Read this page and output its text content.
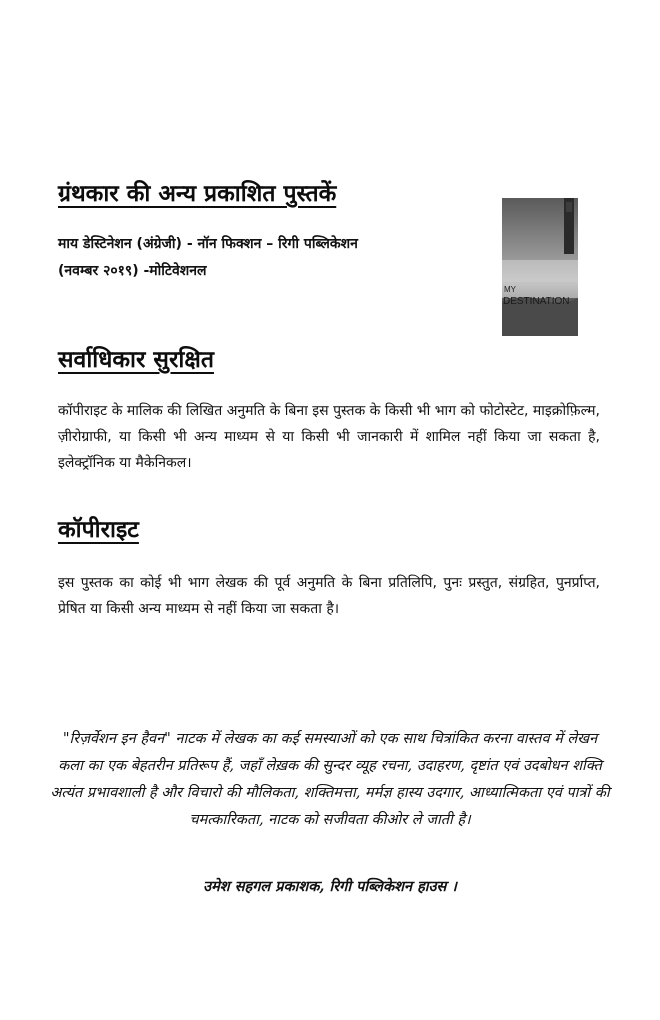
ग्रंथकार की अन्य प्रकाशित पुस्तकें
माय डेस्टिनेशन (अंग्रेजी) - नॉन फिक्शन – रिगी पब्लिकेशन
(नवम्बर २०१९) -मोटिवेशनल
MY
DESTINATION
सर्वाधिकार सुरक्षित

कॉपीराइट के मालिक की लिखित अनुमति के बिना इस पुस्तक के किसी भी भाग को फोटोस्टेट, माइक्रोफ़िल्म, ज़ीरोग्राफी, या किसी भी अन्य माध्यम से या किसी भी जानकारी में शामिल नहीं किया जा सकता है, इलेक्ट्रॉनिक या मैकेनिकल।

कॉपीराइट

इस पुस्तक का कोई भी भाग लेखक की पूर्व अनुमति के बिना प्रतिलिपि, पुनः प्रस्तुत, संग्रहित, पुनर्प्राप्त, प्रेषित या किसी अन्य माध्यम से नहीं किया जा सकता है।

"रिज़र्वेशन इन हैवन" नाटक में लेखक का कई समस्याओं को एक साथ चित्रांकित करना वास्तव में लेखन कला का एक बेहतरीन प्रतिरूप हैं, जहाँ लेख़क की सुन्दर व्यूह रचना, उदाहरण, दृष्टांत एवं उदबोधन शक्ति अत्यंत प्रभावशाली है और विचारो की मौलिकता, शक्तिमत्ता, मर्मज्ञ हास्य उदगार, आध्यात्मिकता एवं पात्रों की चमत्कारिकता, नाटक को सजीवता कीओर ले जाती है।

उमेश सहगल प्रकाशक, रिगी पब्लिकेशन हाउस ।
